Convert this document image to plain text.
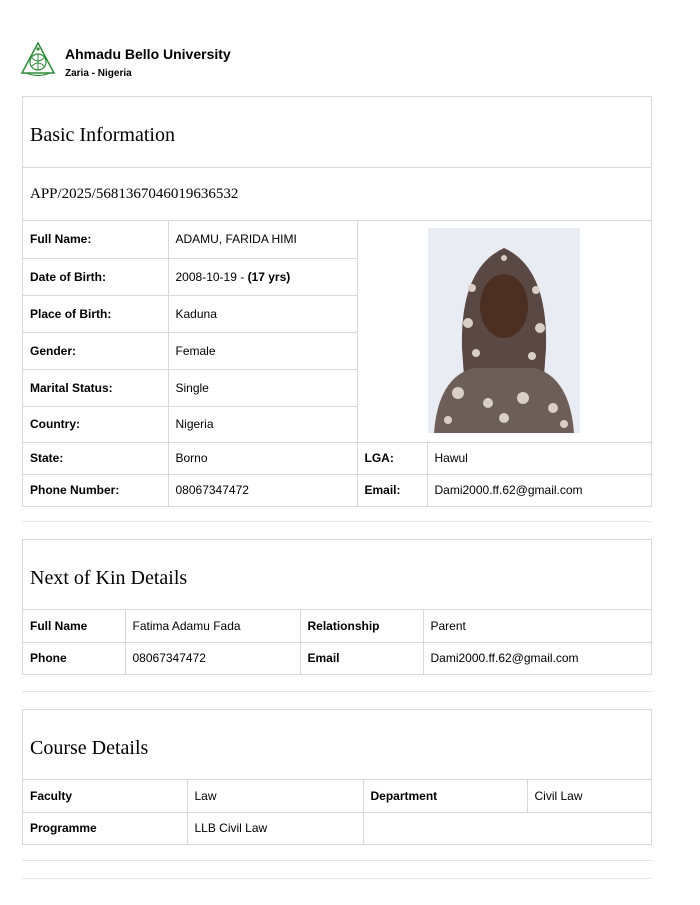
Ahmadu Bello University
Zaria - Nigeria
Basic Information
APP/2025/5681367046019636532
Full Name:	ADAMU, FARIDA HIMI	
Date of Birth:	2008-10-19 - (17 yrs)		
Place of Birth:	Kaduna		
Gender:	Female		
Marital Status:	Single		
Country:	Nigeria		
State:	Borno	LGA:	Hawul
Phone Number:	08067347472	Email:	Dami2000.ff.62@gmail.com
Next of Kin Details
Full Name	Fatima Adamu Fada	Relationship	Parent
Phone	08067347472	Email	Dami2000.ff.62@gmail.com
Course Details
Faculty	Law	Department	Civil Law
Programme	LLB Civil Law		
